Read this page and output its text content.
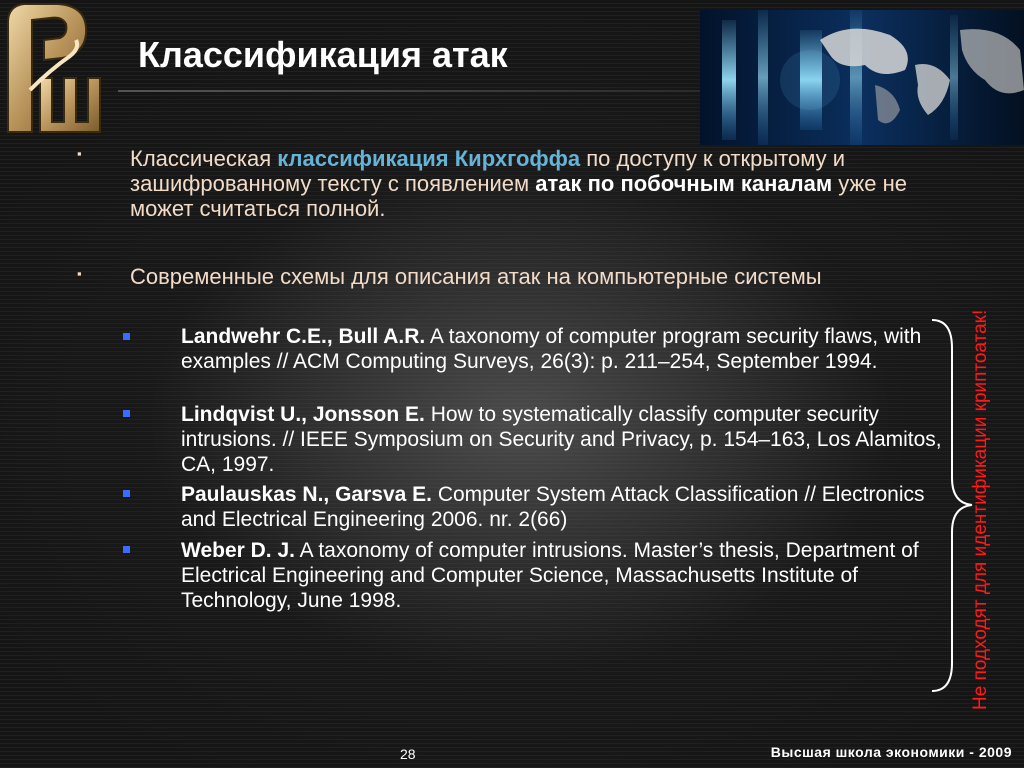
Классификация атак
▪ Классическая классификация Кирхгоффа по доступу к открытому и зашифрованному тексту с появлением атак по побочным каналам уже не может считаться полной.
▪ Современные схемы для описания атак на компьютерные системы
Landwehr C.E., Bull A.R. A taxonomy of computer program security flaws, with examples // ACM Computing Surveys, 26(3): p. 211–254, September 1994.
Lindqvist U., Jonsson E. How to systematically classify computer security intrusions. // IEEE Symposium on Security and Privacy, p. 154–163, Los Alamitos, CA, 1997.
Paulauskas N., Garsva E. Computer System Attack Classification // Electronics and Electrical Engineering 2006. nr. 2(66)
Weber D. J. A taxonomy of computer intrusions. Master’s thesis, Department of Electrical Engineering and Computer Science, Massachusetts Institute of Technology, June 1998.	Не подходят для идентификации криптоатак!
28	Высшая школа экономики - 2009
